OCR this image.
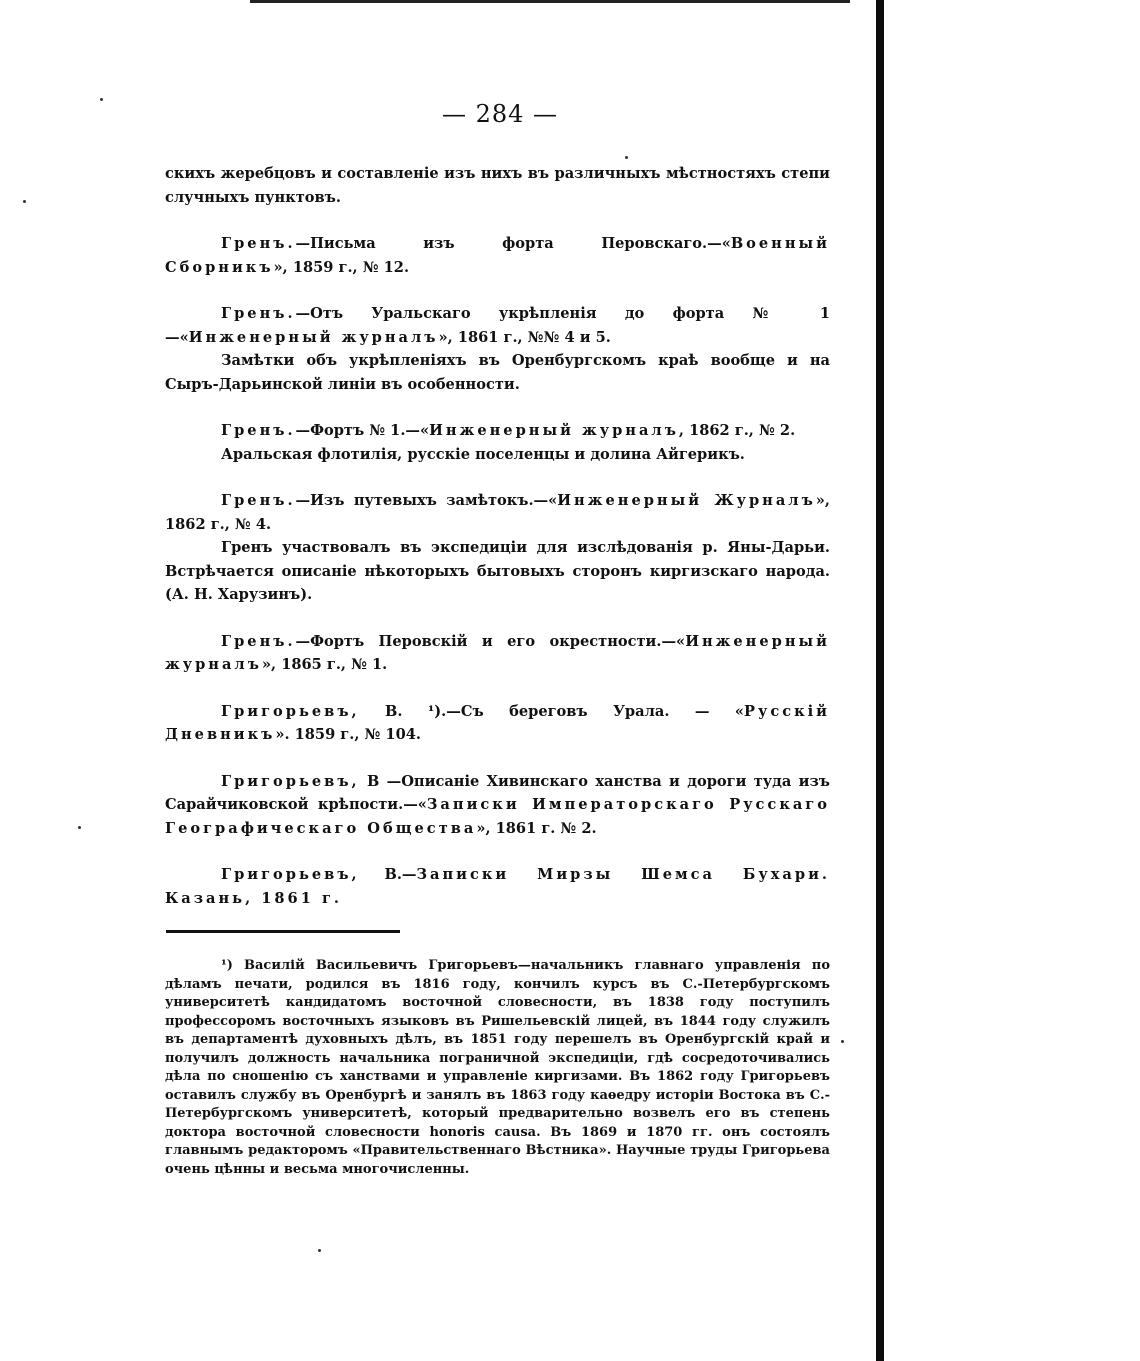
— 284 —

скихъ жеребцовъ и составленіе изъ нихъ въ различныхъ мѣстностяхъ степи случныхъ пунктовъ.

Гренъ.—Письма изъ форта Перовскаго.—«Военный Сборникъ», 1859 г., № 12.

Гренъ.—Отъ Уральскаго укрѣпленія до форта № 1 —«Инженерный журналъ», 1861 г., №№ 4 и 5.

Замѣтки объ укрѣпленіяхъ въ Оренбургскомъ краѣ вообще и на Сыръ-Дарьинской линіи въ особенности.

Гренъ.—Фортъ № 1.—«Инженерный журналъ, 1862 г., № 2.

Аральская флотилія, русскіе поселенцы и долина Айгерикъ.

Гренъ.—Изъ путевыхъ замѣтокъ.—«Инженерный Журналъ», 1862 г., № 4.

Гренъ участвовалъ въ экспедиціи для изслѣдованія р. Яны-Дарьи. Встрѣчается описаніе нѣкоторыхъ бытовыхъ сторонъ киргизскаго народа. (А. Н. Харузинъ).

Гренъ.—Фортъ Перовскій и его окрестности.—«Инженерный журналъ», 1865 г., № 1.

Григорьевъ, В. ¹).—Съ береговъ Урала. — «Русскій Дневникъ». 1859 г., № 104.

Григорьевъ, В —Описаніе Хивинскаго ханства и дороги туда изъ Сарайчиковской крѣпости.—«Записки Императорскаго Русскаго Географическаго Общества», 1861 г. № 2.

Григорьевъ, В.—Записки Мирзы Шемса Бухари. Казань, 1861 г.

¹) Василій Васильевичъ Григорьевъ—начальникъ главнаго управленія по дѣламъ печати, родился въ 1816 году, кончилъ курсъ въ С.-Петербургскомъ университетѣ кандидатомъ восточной словесности, въ 1838 году поступилъ профессоромъ восточныхъ языковъ въ Ришельевскій лицей, въ 1844 году служилъ въ департаментѣ духовныхъ дѣлъ, въ 1851 году перешелъ въ Оренбургскій край и получилъ должность начальника пограничной экспедиціи, гдѣ сосредоточивались дѣла по сношенію съ ханствами и управленіе киргизами. Въ 1862 году Григорьевъ оставилъ службу въ Оренбургѣ и занялъ въ 1863 году каѳедру исторіи Востока въ С.-Петербургскомъ университетѣ, который предварительно возвелъ его въ степень доктора восточной словесности honoris causa. Въ 1869 и 1870 гг. онъ состоялъ главнымъ редакторомъ «Правительственнаго Вѣстника». Научные труды Григорьева очень цѣнны и весьма многочисленны.
